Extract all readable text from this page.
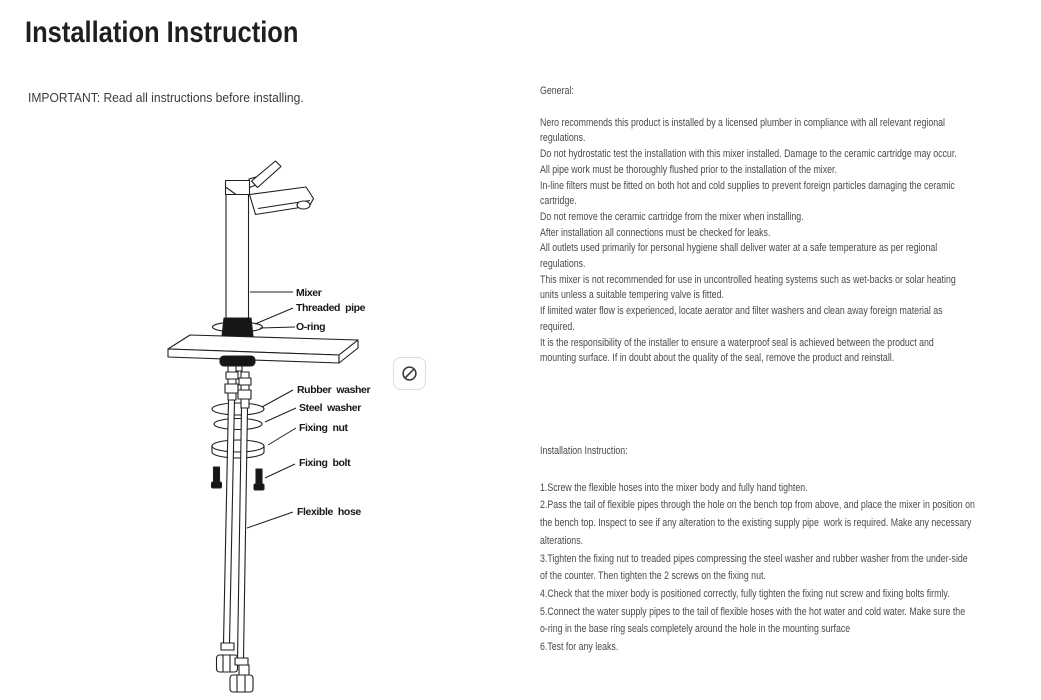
Installation Instruction
IMPORTANT: Read all instructions before installing.
Mixer
Threaded pipe
O-ring
Rubber washer
Steel washer
Fixing nut
Fixing bolt
Flexible hose

General:

Nero recommends this product is installed by a licensed plumber in compliance with all relevant regional
regulations.
Do not hydrostatic test the installation with this mixer installed. Damage to the ceramic cartridge may occur.
All pipe work must be thoroughly flushed prior to the installation of the mixer.
In-line filters must be fitted on both hot and cold supplies to prevent foreign particles damaging the ceramic
cartridge.
Do not remove the ceramic cartridge from the mixer when installing.
After installation all connections must be checked for leaks.
All outlets used primarily for personal hygiene shall deliver water at a safe temperature as per regional
regulations.
This mixer is not recommended for use in uncontrolled heating systems such as wet-backs or solar heating
units unless a suitable tempering valve is fitted.
If limited water flow is experienced, locate aerator and filter washers and clean away foreign material as
required.
It is the responsibility of the installer to ensure a waterproof seal is achieved between the product and
mounting surface. If in doubt about the quality of the seal, remove the product and reinstall.

Installation Instruction:

1.Screw the flexible hoses into the mixer body and fully hand tighten.
2.Pass the tail of flexible pipes through the hole on the bench top from above, and place the mixer in position on
the bench top. Inspect to see if any alteration to the existing supply pipe  work is required. Make any necessary
alterations.
3.Tighten the fixing nut to treaded pipes compressing the steel washer and rubber washer from the under-side
of the counter. Then tighten the 2 screws on the fixing nut.
4.Check that the mixer body is positioned correctly, fully tighten the fixing nut screw and fixing bolts firmly.
5.Connect the water supply pipes to the tail of flexible hoses with the hot water and cold water. Make sure the
o-ring in the base ring seals completely around the hole in the mounting surface
6.Test for any leaks.
